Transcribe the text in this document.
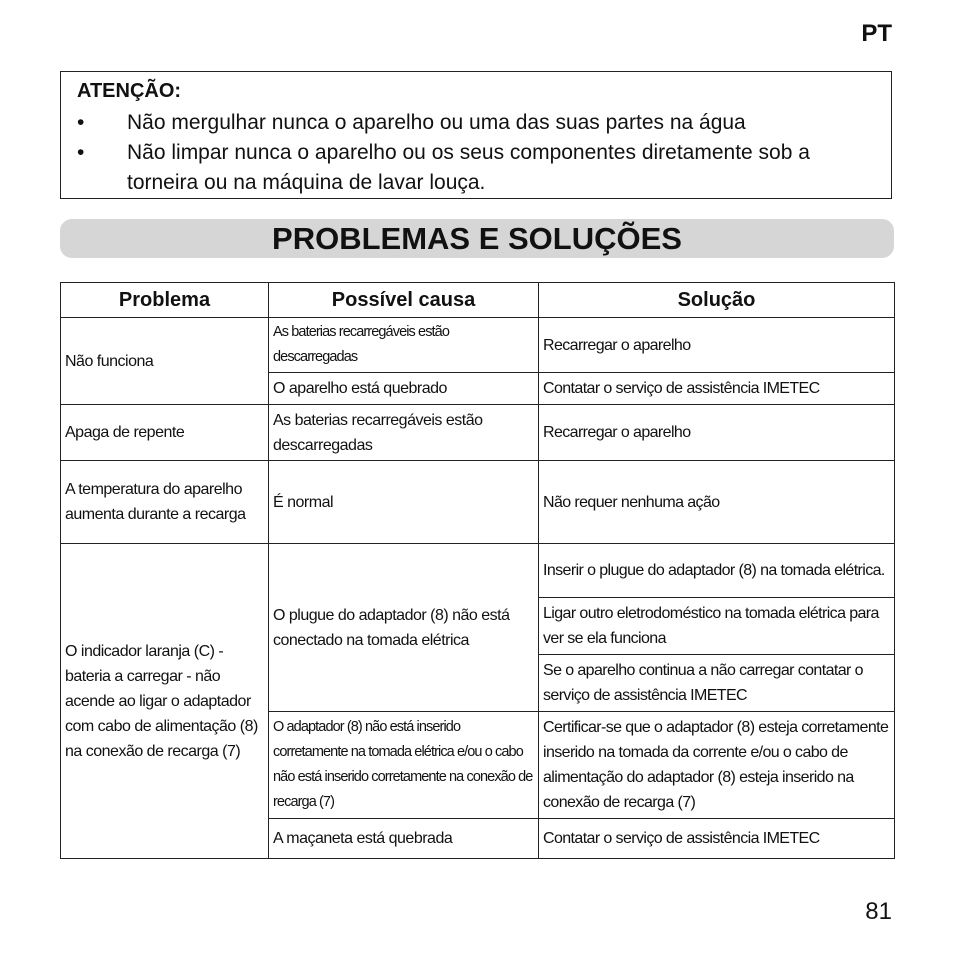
PT
ATENÇÃO:
• Não mergulhar nunca o aparelho ou uma das suas partes na água
• Não limpar nunca o aparelho ou os seus componentes diretamente sob a torneira ou na máquina de lavar louça.
PROBLEMAS E SOLUÇÕES
Problema	Possível causa	Solução
Não funciona	As baterias recarregáveis estão descarregadas	Recarregar o aparelho
	O aparelho está quebrado	Contatar o serviço de assistência IMETEC
Apaga de repente	As baterias recarregáveis estão descarregadas	Recarregar o aparelho
A temperatura do aparelho aumenta durante a recarga	É normal	Não requer nenhuma ação
O indicador laranja (C) - bateria a carregar - não acende ao ligar o adaptador com cabo de alimentação (8) na conexão de recarga (7)	O plugue do adaptador (8) não está conectado na tomada elétrica	Inserir o plugue do adaptador (8) na tomada elétrica.
		Ligar outro eletrodoméstico na tomada elétrica para ver se ela funciona
		Se o aparelho continua a não carregar contatar o serviço de assistência IMETEC
	O adaptador (8) não está inserido corretamente na tomada elétrica e/ou o cabo não está inserido corretamente na conexão de recarga (7)	Certificar-se que o adaptador (8) esteja corretamente inserido na tomada da corrente e/ou o cabo de alimentação do adaptador (8) esteja inserido na conexão de recarga (7)
	A maçaneta está quebrada	Contatar o serviço de assistência IMETEC
81
